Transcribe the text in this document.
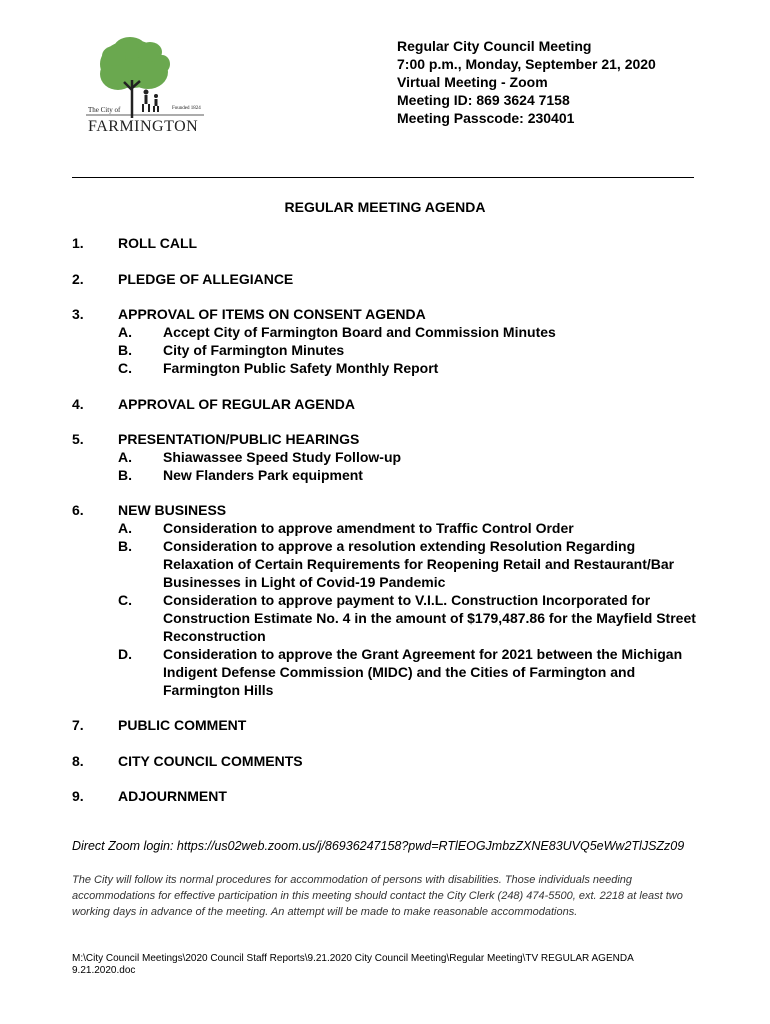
The City of	Founded 1824
FARMINGTON
Regular City Council Meeting
7:00 p.m., Monday, September 21, 2020
Virtual Meeting - Zoom
Meeting ID: 869 3624 7158
Meeting Passcode: 230401
REGULAR MEETING AGENDA
1. ROLL CALL
2. PLEDGE OF ALLEGIANCE
3. APPROVAL OF ITEMS ON CONSENT AGENDA
A. Accept City of Farmington Board and Commission Minutes
B. City of Farmington Minutes
C. Farmington Public Safety Monthly Report
4. APPROVAL OF REGULAR AGENDA
5. PRESENTATION/PUBLIC HEARINGS
A. Shiawassee Speed Study Follow-up
B. New Flanders Park equipment
6. NEW BUSINESS
A. Consideration to approve amendment to Traffic Control Order
B. Consideration to approve a resolution extending Resolution Regarding Relaxation of Certain Requirements for Reopening Retail and Restaurant/Bar Businesses in Light of Covid-19 Pandemic
C. Consideration to approve payment to V.I.L. Construction Incorporated for Construction Estimate No. 4 in the amount of $179,487.86 for the Mayfield Street Reconstruction
D. Consideration to approve the Grant Agreement for 2021 between the Michigan Indigent Defense Commission (MIDC) and the Cities of Farmington and Farmington Hills
7. PUBLIC COMMENT
8. CITY COUNCIL COMMENTS
9. ADJOURNMENT
Direct Zoom login: https://us02web.zoom.us/j/86936247158?pwd=RTlEOGJmbzZXNE83UVQ5eWw2TlJSZz09
The City will follow its normal procedures for accommodation of persons with disabilities. Those individuals needing accommodations for effective participation in this meeting should contact the City Clerk (248) 474-5500, ext. 2218 at least two working days in advance of the meeting. An attempt will be made to make reasonable accommodations.
M:\City Council Meetings\2020 Council Staff Reports\9.21.2020 City Council Meeting\Regular Meeting\TV REGULAR AGENDA 9.21.2020.doc
